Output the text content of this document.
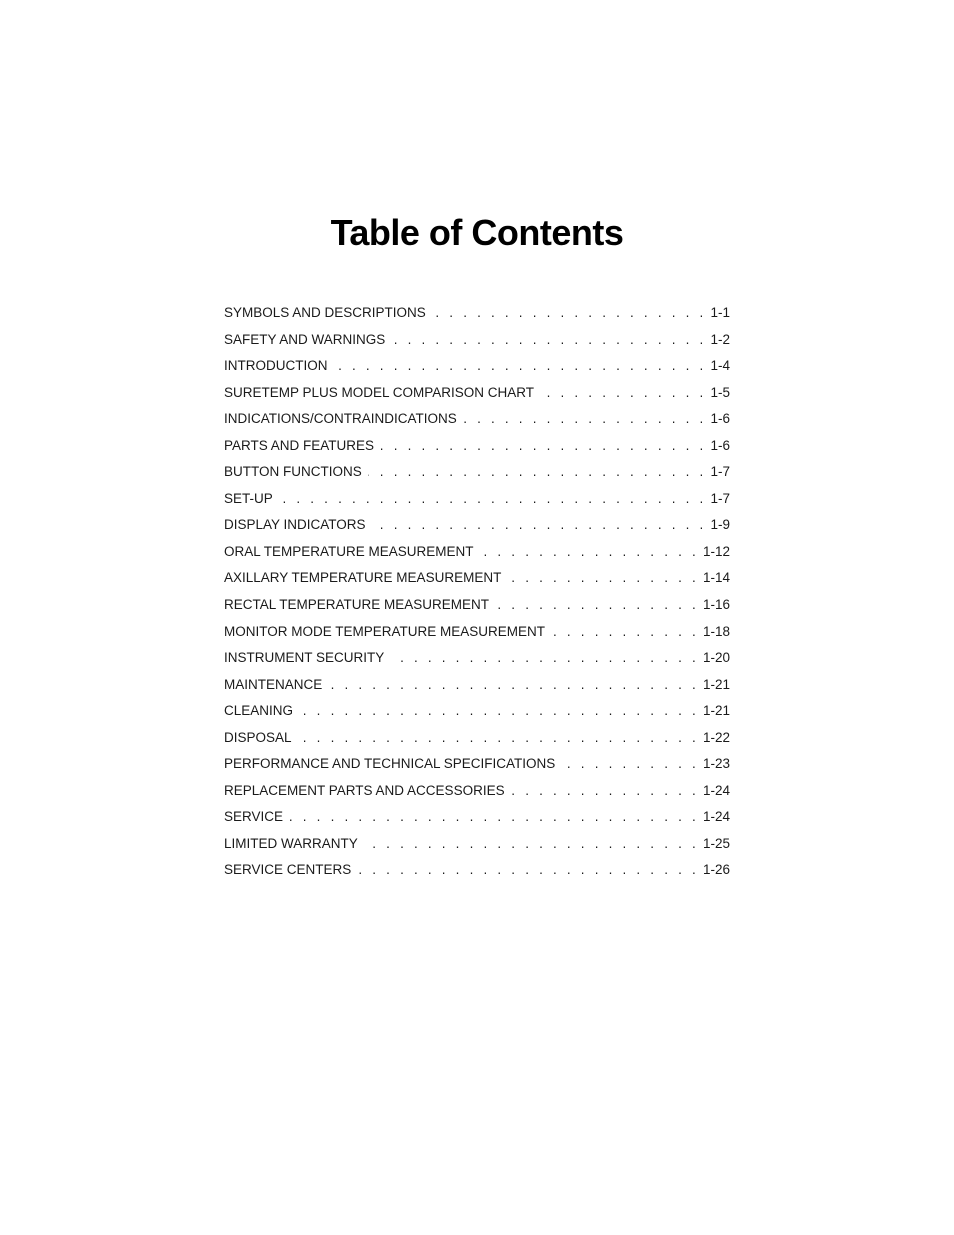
Table of Contents
SYMBOLS AND DESCRIPTIONS . . .	1-1
SAFETY AND WARNINGS . . .	1-2
INTRODUCTION . . .	1-4
SURETEMP PLUS MODEL COMPARISON CHART . . .	1-5
INDICATIONS/CONTRAINDICATIONS . . .	1-6
PARTS AND FEATURES . . .	1-6
BUTTON FUNCTIONS . . .	1-7
SET-UP . . .	1-7
DISPLAY INDICATORS . . .	1-9
ORAL TEMPERATURE MEASUREMENT . . .	1-12
AXILLARY TEMPERATURE MEASUREMENT . . .	1-14
RECTAL TEMPERATURE MEASUREMENT . . .	1-16
MONITOR MODE TEMPERATURE MEASUREMENT . . .	1-18
INSTRUMENT SECURITY . . .	1-20
MAINTENANCE . . .	1-21
CLEANING . . .	1-21
DISPOSAL . . .	1-22
PERFORMANCE AND TECHNICAL SPECIFICATIONS . . .	1-23
REPLACEMENT PARTS AND ACCESSORIES . . .	1-24
SERVICE . . .	1-24
LIMITED WARRANTY . . .	1-25
SERVICE CENTERS . . .	1-26
